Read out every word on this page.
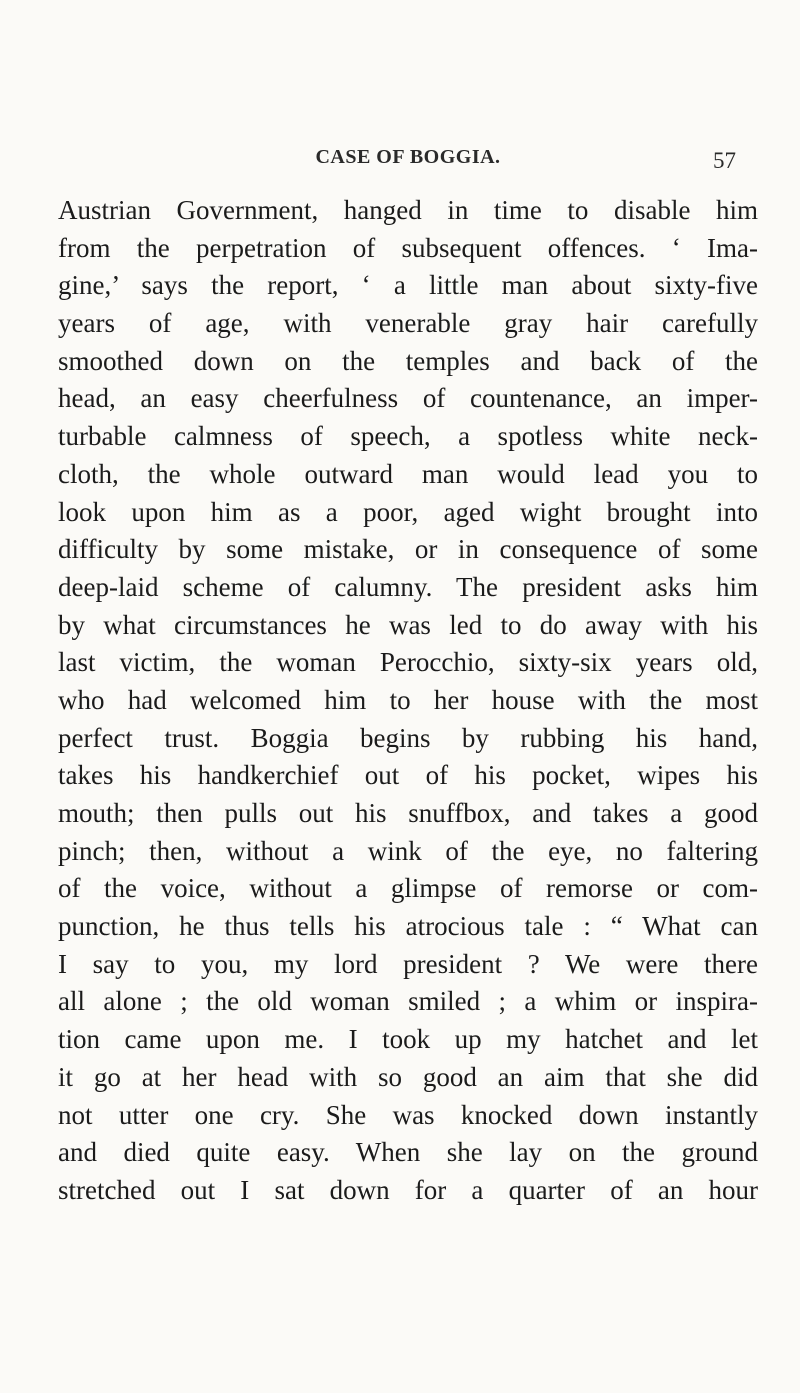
CASE OF BOGGIA.	57
Austrian Government, hanged in time to disable him
from the perpetration of subsequent offences. ‘ Ima-
gine,’ says the report, ‘ a little man about sixty-five
years of age, with venerable gray hair carefully
smoothed down on the temples and back of the
head, an easy cheerfulness of countenance, an imper-
turbable calmness of speech, a spotless white neck-
cloth, the whole outward man would lead you to
look upon him as a poor, aged wight brought into
difficulty by some mistake, or in consequence of some
deep-laid scheme of calumny. The president asks him
by what circumstances he was led to do away with his
last victim, the woman Perocchio, sixty-six years old,
who had welcomed him to her house with the most
perfect trust. Boggia begins by rubbing his hand,
takes his handkerchief out of his pocket, wipes his
mouth; then pulls out his snuffbox, and takes a good
pinch; then, without a wink of the eye, no faltering
of the voice, without a glimpse of remorse or com-
punction, he thus tells his atrocious tale : “ What can
I say to you, my lord president ? We were there
all alone ; the old woman smiled ; a whim or inspira-
tion came upon me. I took up my hatchet and let
it go at her head with so good an aim that she did
not utter one cry. She was knocked down instantly
and died quite easy. When she lay on the ground
stretched out I sat down for a quarter of an hour
